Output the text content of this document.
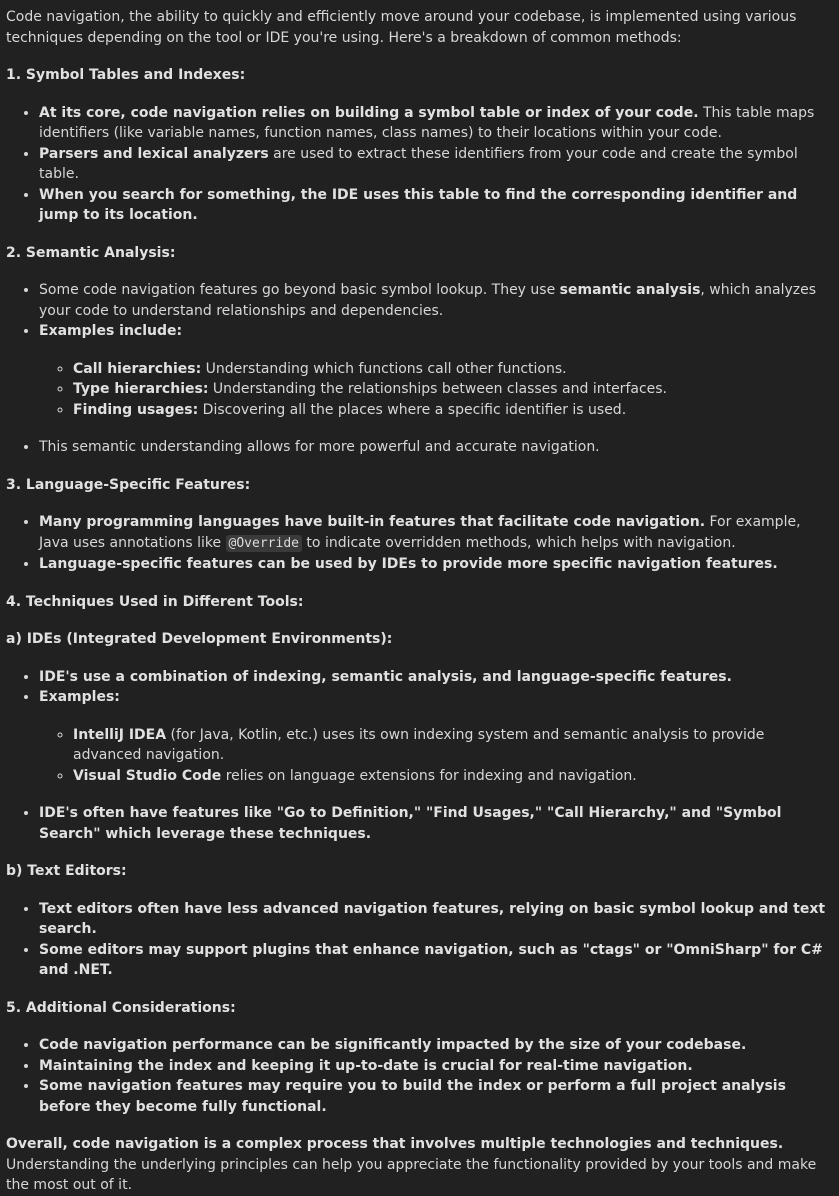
Code navigation, the ability to quickly and efficiently move around your codebase, is implemented using various techniques depending on the tool or IDE you're using. Here's a breakdown of common methods:

1. Symbol Tables and Indexes:

• At its core, code navigation relies on building a symbol table or index of your code. This table maps identifiers (like variable names, function names, class names) to their locations within your code.
• Parsers and lexical analyzers are used to extract these identifiers from your code and create the symbol table.
• When you search for something, the IDE uses this table to find the corresponding identifier and jump to its location.

2. Semantic Analysis:

• Some code navigation features go beyond basic symbol lookup. They use semantic analysis, which analyzes your code to understand relationships and dependencies.
• Examples include:
◦ Call hierarchies: Understanding which functions call other functions.
◦ Type hierarchies: Understanding the relationships between classes and interfaces.
◦ Finding usages: Discovering all the places where a specific identifier is used.
• This semantic understanding allows for more powerful and accurate navigation.

3. Language-Specific Features:

• Many programming languages have built-in features that facilitate code navigation. For example, Java uses annotations like @Override to indicate overridden methods, which helps with navigation.
• Language-specific features can be used by IDEs to provide more specific navigation features.

4. Techniques Used in Different Tools:

a) IDEs (Integrated Development Environments):

• IDE's use a combination of indexing, semantic analysis, and language-specific features.
• Examples:
◦ IntelliJ IDEA (for Java, Kotlin, etc.) uses its own indexing system and semantic analysis to provide advanced navigation.
◦ Visual Studio Code relies on language extensions for indexing and navigation.
• IDE's often have features like "Go to Definition," "Find Usages," "Call Hierarchy," and "Symbol Search" which leverage these techniques.

b) Text Editors:

• Text editors often have less advanced navigation features, relying on basic symbol lookup and text search.
• Some editors may support plugins that enhance navigation, such as "ctags" or "OmniSharp" for C# and .NET.

5. Additional Considerations:

• Code navigation performance can be significantly impacted by the size of your codebase.
• Maintaining the index and keeping it up-to-date is crucial for real-time navigation.
• Some navigation features may require you to build the index or perform a full project analysis before they become fully functional.

Overall, code navigation is a complex process that involves multiple technologies and techniques. Understanding the underlying principles can help you appreciate the functionality provided by your tools and make the most out of it.
